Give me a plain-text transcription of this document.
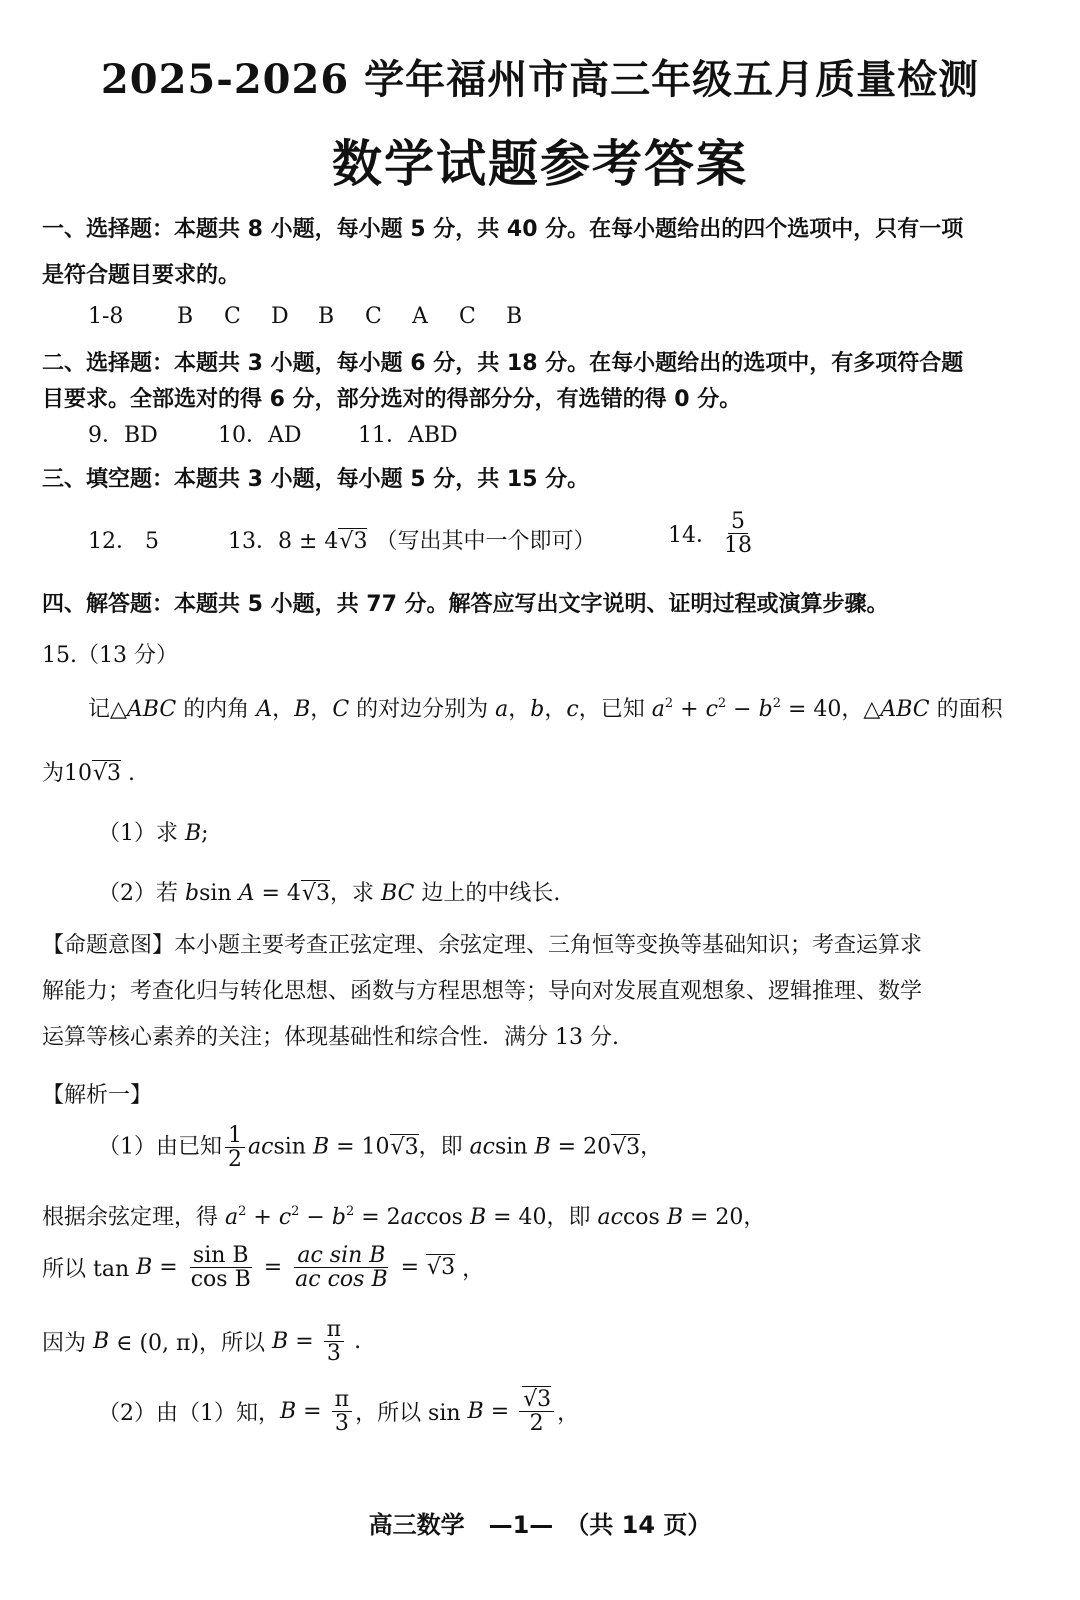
2025-2026 学年福州市高三年级五月质量检测
数学试题参考答案
一、选择题：本题共 8 小题，每小题 5 分，共 40 分。在每小题给出的四个选项中，只有一项
是符合题目要求的。
1-8 B C D B C A C B
二、选择题：本题共 3 小题，每小题 6 分，共 18 分。在每小题给出的选项中，有多项符合题
目要求。全部选对的得 6 分，部分选对的得部分分，有选错的得 0 分。
9．BD	10．AD	11．ABD
三、填空题：本题共 3 小题，每小题 5 分，共 15 分。
12． 5	13．8 ± 4√3 （写出其中一个即可）	14． $\frac{5}{18}$
四、解答题：本题共 5 小题，共 77 分。解答应写出文字说明、证明过程或演算步骤。
15.（13 分）
记△ABC 的内角 A，B，C 的对边分别为 a，b，c，已知 $a^2 + c^2 - b^2 = 40$，△ABC 的面积
为10√3 .
（1）求 B;
（2）若 bsin A = 4√3，求 BC 边上的中线长.
【命题意图】本小题主要考查正弦定理、余弦定理、三角恒等变换等基础知识；考查运算求
解能力；考查化归与转化思想、函数与方程思想等；导向对发展直观想象、逻辑推理、数学
运算等核心素养的关注；体现基础性和综合性．满分 13 分.
【解析一】
（1）由已知 $\frac{1}{2}$ acsin B = 10√3，即 acsin B = 20√3，
根据余弦定理，得 $a^2 + c^2 - b^2 = 2accos$ B = 40，即 accos B = 20，
所以 $\tan B = \frac{\text{sin B}}{\text{cos B}} = \frac{\text{ac sin B}}{\text{ac cos B}} = √3$ ，
因为 B ∈ (0, π)，所以 $B = \frac{\pi}{3}$ .
（2）由（1）知，$B = \frac{\pi}{3}$ ，所以 $\sin B = \frac{√3}{2}$ ，
高三数学　—1—　（共 14 页）
